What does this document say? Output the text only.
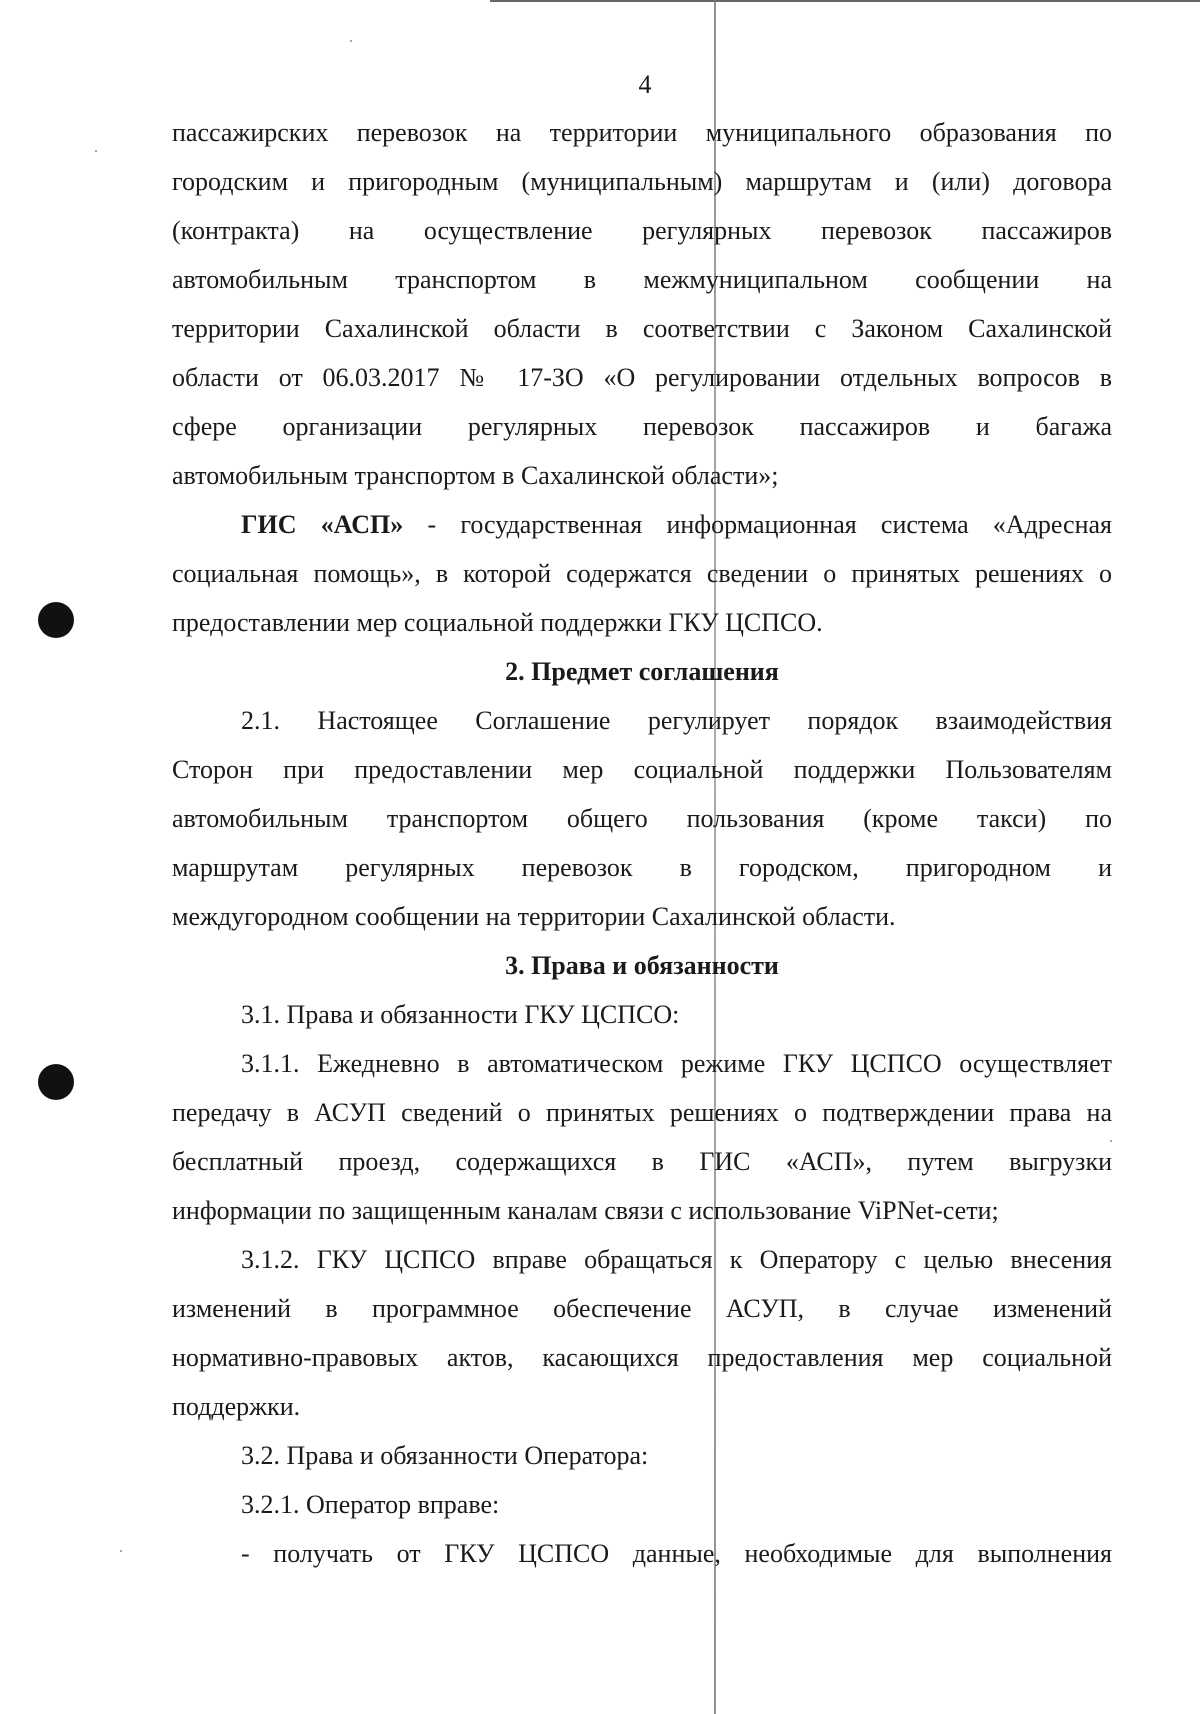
4

пассажирских перевозок на территории муниципального образования по

городским и пригородным (муниципальным) маршрутам и (или) договора

(контракта) на осуществление регулярных перевозок пассажиров

автомобильным транспортом в межмуниципальном сообщении на

территории Сахалинской области в соответствии с Законом Сахалинской

области от 06.03.2017 № 17-ЗО «О регулировании отдельных вопросов в

сфере организации регулярных перевозок пассажиров и багажа

автомобильным транспортом в Сахалинской области»;

ГИС «АСП» - государственная информационная система «Адресная

социальная помощь», в которой содержатся сведении о принятых решениях о

предоставлении мер социальной поддержки ГКУ ЦСПСО.

2. Предмет соглашения

2.1. Настоящее Соглашение регулирует порядок взаимодействия

Сторон при предоставлении мер социальной поддержки Пользователям

автомобильным транспортом общего пользования (кроме такси) по

маршрутам регулярных перевозок в городском, пригородном и

междугородном сообщении на территории Сахалинской области.

3. Права и обязанности

3.1. Права и обязанности ГКУ ЦСПСО:

3.1.1. Ежедневно в автоматическом режиме ГКУ ЦСПСО осуществляет

передачу в АСУП сведений о принятых решениях о подтверждении права на

бесплатный проезд, содержащихся в ГИС «АСП», путем выгрузки

информации по защищенным каналам связи с использование ViPNet-сети;

3.1.2. ГКУ ЦСПСО вправе обращаться к Оператору с целью внесения

изменений в программное обеспечение АСУП, в случае изменений

нормативно-правовых актов, касающихся предоставления мер социальной

поддержки.

3.2. Права и обязанности Оператора:

3.2.1. Оператор вправе:

- получать от ГКУ ЦСПСО данные, необходимые для выполнения
